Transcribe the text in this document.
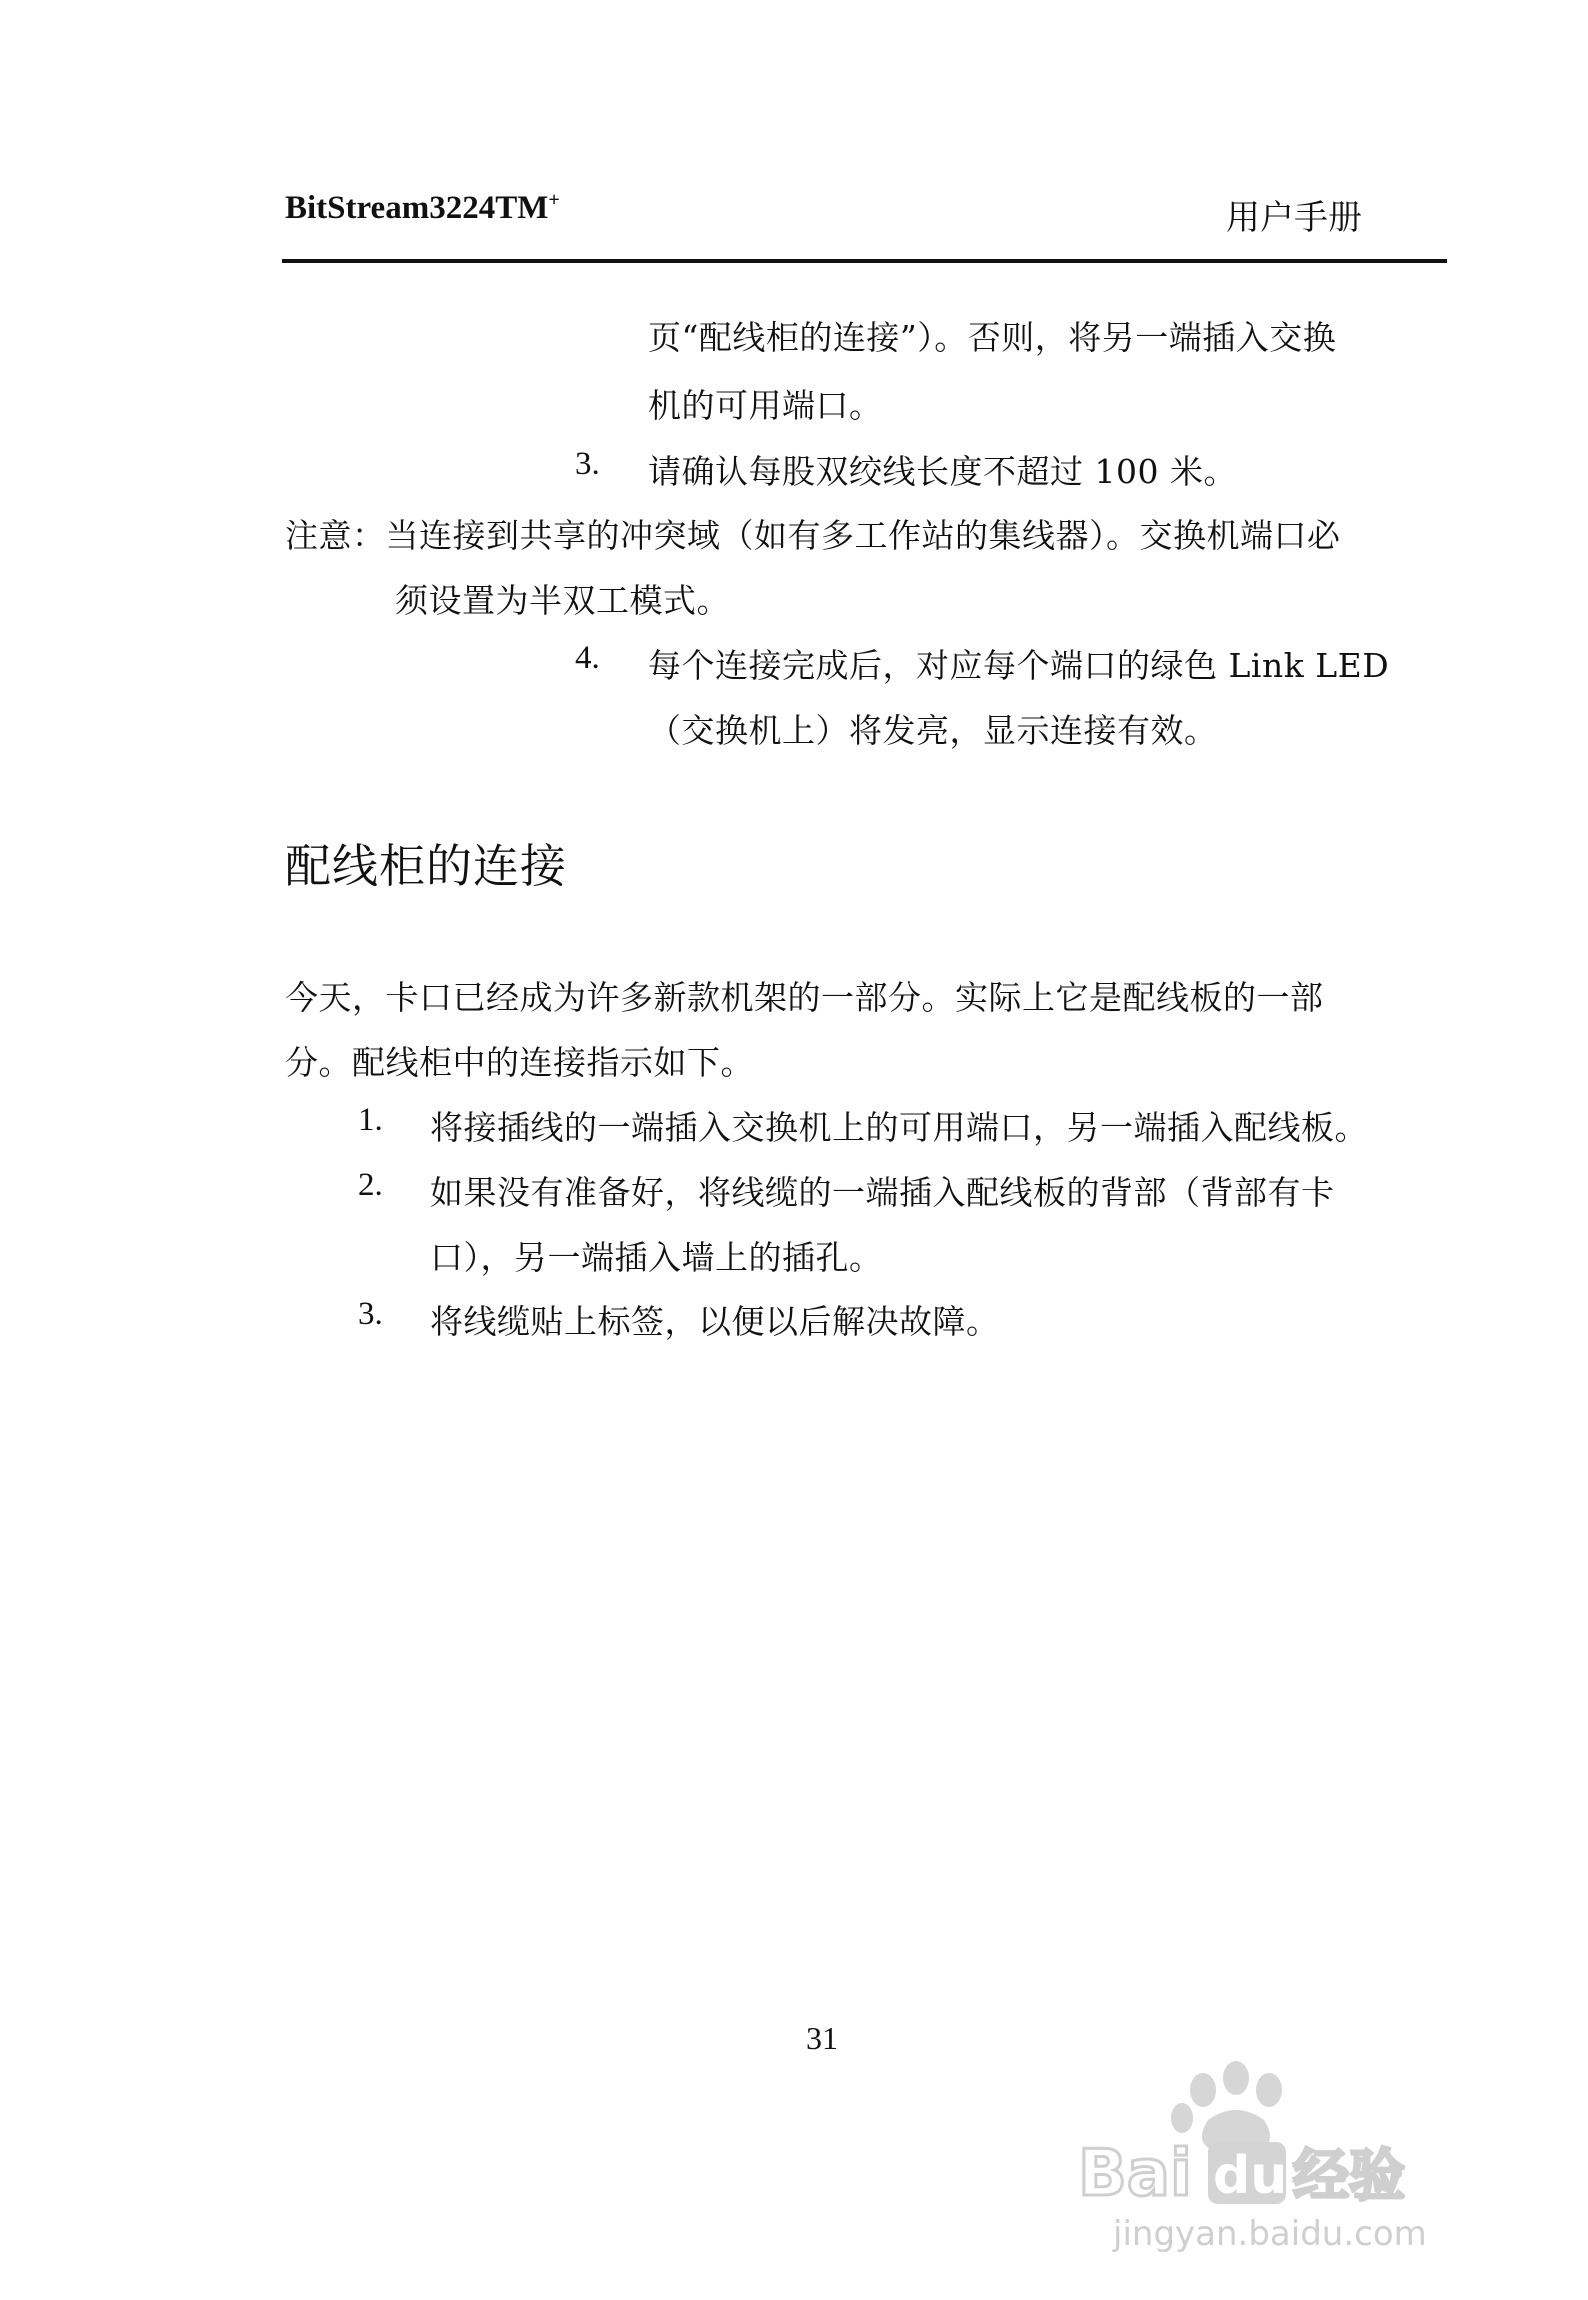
BitStream3224TM+	用户手册
页“配线柜的连接”）。否则，将另一端插入交换
机的可用端口。
3. 请确认每股双绞线长度不超过 100 米。
注意：当连接到共享的冲突域（如有多工作站的集线器）。交换机端口必
须设置为半双工模式。
4. 每个连接完成后，对应每个端口的绿色 Link LED
（交换机上）将发亮，显示连接有效。
配线柜的连接
今天，卡口已经成为许多新款机架的一部分。实际上它是配线板的一部
分。配线柜中的连接指示如下。
1. 将接插线的一端插入交换机上的可用端口，另一端插入配线板。
2. 如果没有准备好，将线缆的一端插入配线板的背部（背部有卡
口），另一端插入墙上的插孔。
3. 将线缆贴上标签，以便以后解决故障。
31
Bai du 经验
jingyan.baidu.com
